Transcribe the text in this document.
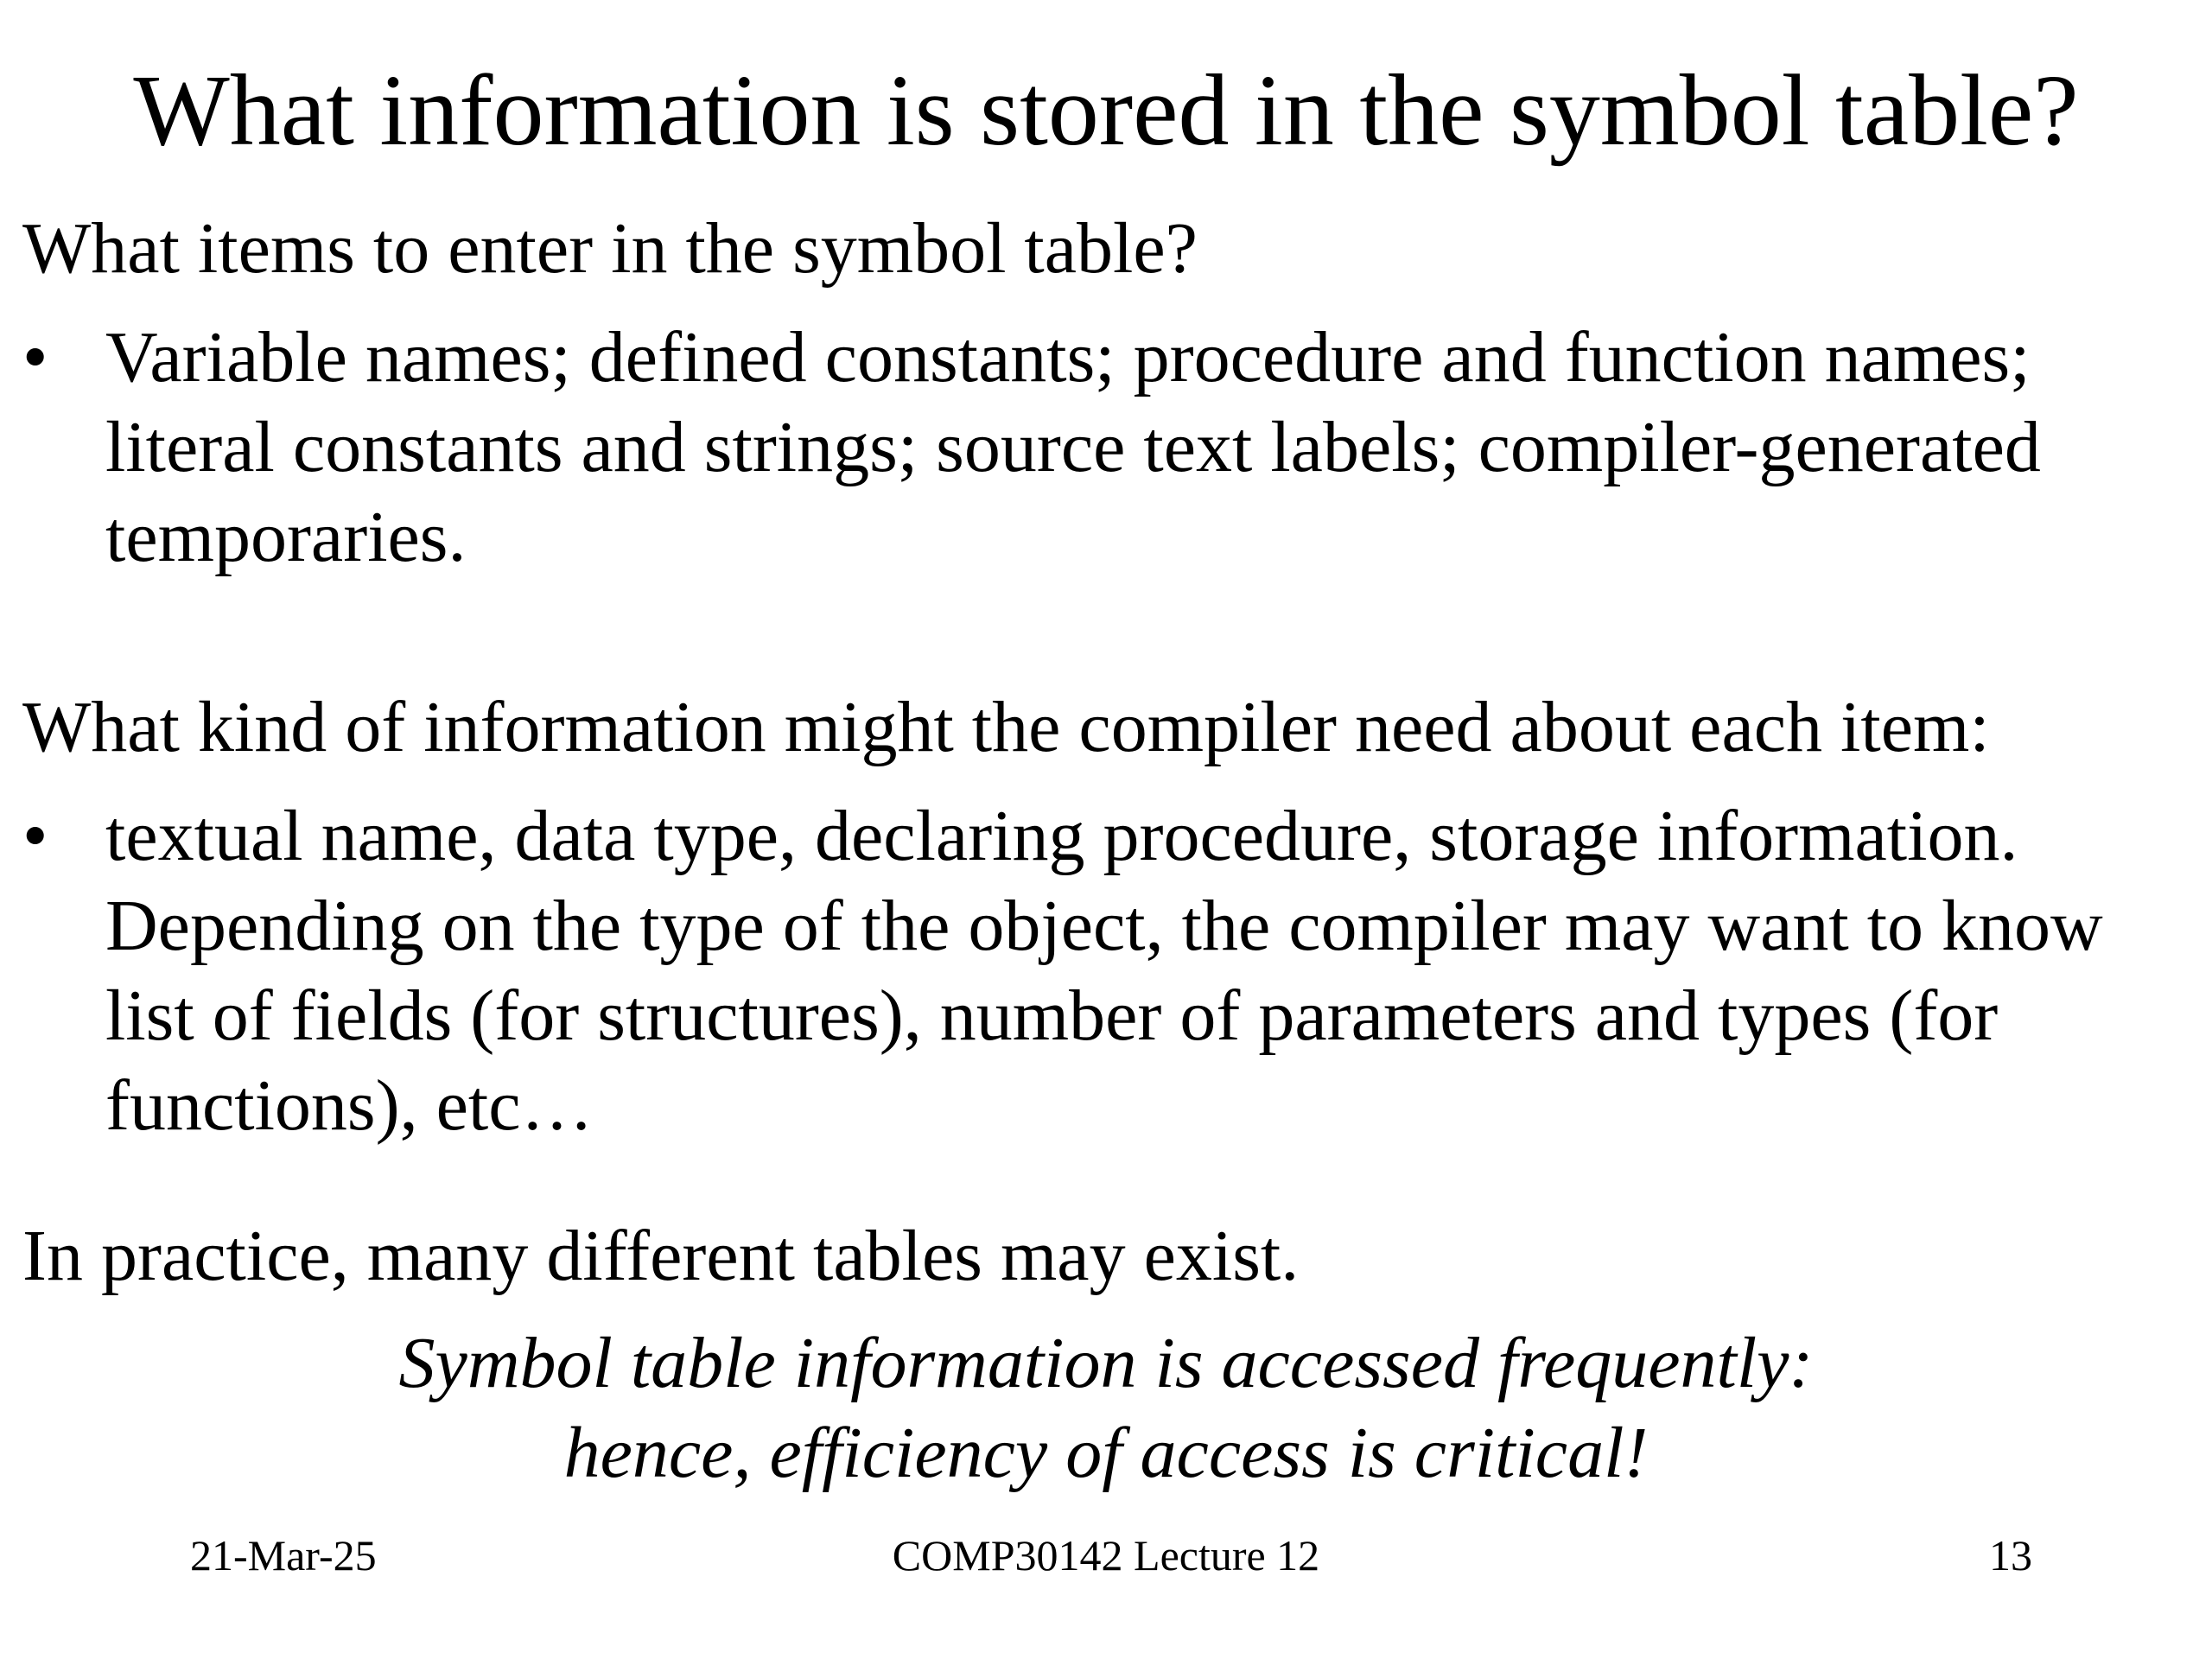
What information is stored in the symbol table?
What items to enter in the symbol table?
• Variable names; defined constants; procedure and function names; literal constants and strings; source text labels; compiler-generated temporaries.
What kind of information might the compiler need about each item:
• textual name, data type, declaring procedure, storage information. Depending on the type of the object, the compiler may want to know list of fields (for structures), number of parameters and types (for functions), etc…
In practice, many different tables may exist.
Symbol table information is accessed frequently:
hence, efficiency of access is critical!
21-Mar-25	COMP30142 Lecture 12	13
